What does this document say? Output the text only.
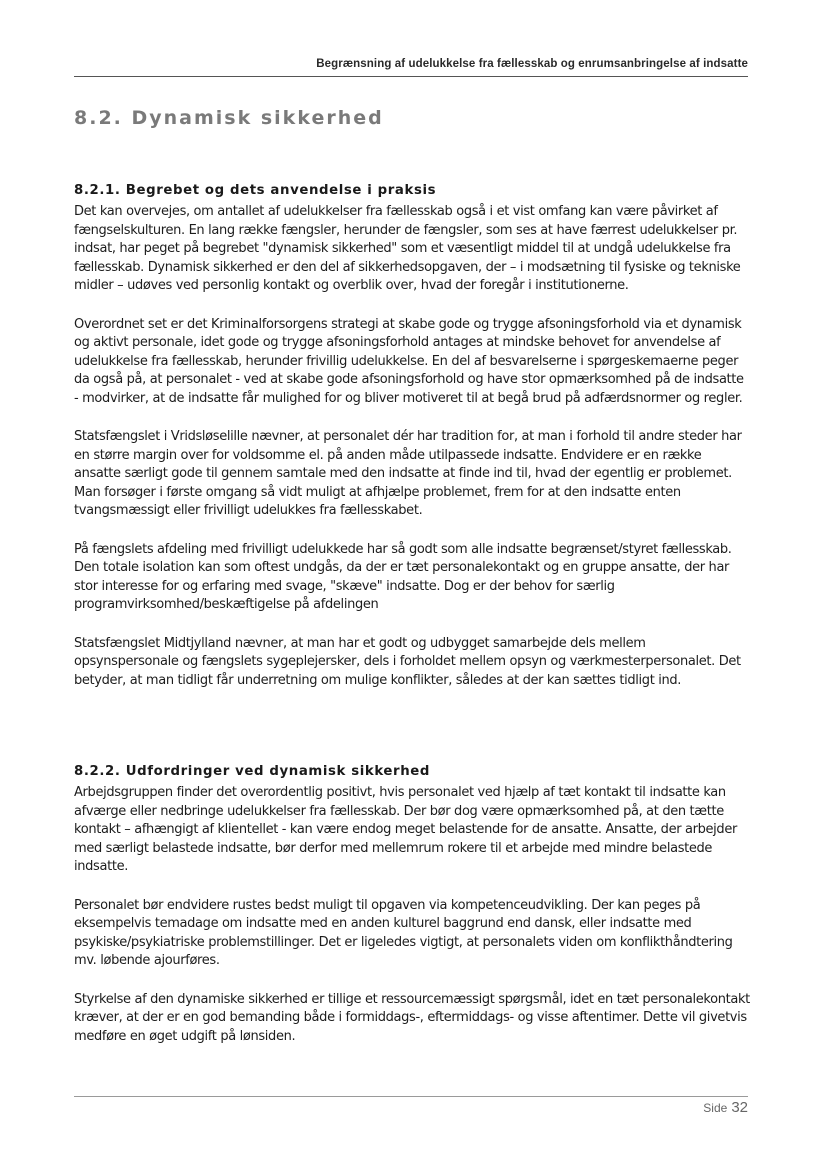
Begrænsning af udelukkelse fra fællesskab og enrumsanbringelse af indsatte
8.2. Dynamisk sikkerhed
8.2.1. Begrebet og dets anvendelse i praksis

Det kan overvejes, om antallet af udelukkelser fra fællesskab også i et vist omfang kan være påvirket af fængselskulturen. En lang række fængsler, herunder de fængsler, som ses at have færrest udelukkelser pr. indsat, har peget på begrebet "dynamisk sikkerhed" som et væsentligt middel til at undgå udelukkelse fra fællesskab. Dynamisk sikkerhed er den del af sikkerhedsopgaven, der – i modsætning til fysiske og tekniske midler – udøves ved personlig kontakt og overblik over, hvad der foregår i institutionerne.

Overordnet set er det Kriminalforsorgens strategi at skabe gode og trygge afsoningsforhold via et dynamisk og aktivt personale, idet gode og trygge afsoningsforhold antages at mindske behovet for anvendelse af udelukkelse fra fællesskab, herunder frivillig udelukkelse. En del af besvarelserne i spørgeskemaerne peger da også på, at personalet - ved at skabe gode afsoningsforhold og have stor opmærksomhed på de indsatte - modvirker, at de indsatte får mulighed for og bliver motiveret til at begå brud på adfærdsnormer og regler.

Statsfængslet i Vridsløselille nævner, at personalet dér har tradition for, at man i forhold til andre steder har en større margin over for voldsomme el. på anden måde utilpassede indsatte. Endvidere er en række ansatte særligt gode til gennem samtale med den indsatte at finde ind til, hvad der egentlig er problemet. Man forsøger i første omgang så vidt muligt at afhjælpe problemet, frem for at den indsatte enten tvangsmæssigt eller frivilligt udelukkes fra fællesskabet.

På fængslets afdeling med frivilligt udelukkede har så godt som alle indsatte begrænset/styret fællesskab. Den totale isolation kan som oftest undgås, da der er tæt personalekontakt og en gruppe ansatte, der har stor interesse for og erfaring med svage, "skæve" indsatte. Dog er der behov for særlig programvirksomhed/beskæftigelse på afdelingen

Statsfængslet Midtjylland nævner, at man har et godt og udbygget samarbejde dels mellem opsynspersonale og fængslets sygeplejersker, dels i forholdet mellem opsyn og værkmesterpersonalet. Det betyder, at man tidligt får underretning om mulige konflikter, således at der kan sættes tidligt ind.

8.2.2. Udfordringer ved dynamisk sikkerhed

Arbejdsgruppen finder det overordentlig positivt, hvis personalet ved hjælp af tæt kontakt til indsatte kan afværge eller nedbringe udelukkelser fra fællesskab. Der bør dog være opmærksomhed på, at den tætte kontakt – afhængigt af klientellet - kan være endog meget belastende for de ansatte. Ansatte, der arbejder med særligt belastede indsatte, bør derfor med mellemrum rokere til et arbejde med mindre belastede indsatte.

Personalet bør endvidere rustes bedst muligt til opgaven via kompetenceudvikling. Der kan peges på eksempelvis temadage om indsatte med en anden kulturel baggrund end dansk, eller indsatte med psykiske/psykiatriske problemstillinger. Det er ligeledes vigtigt, at personalets viden om konflikthåndtering mv. løbende ajourføres.

Styrkelse af den dynamiske sikkerhed er tillige et ressourcemæssigt spørgsmål, idet en tæt personalekontakt kræver, at der er en god bemanding både i formiddags-, eftermiddags- og visse aftentimer. Dette vil givetvis medføre en øget udgift på lønsiden.

Side 32
